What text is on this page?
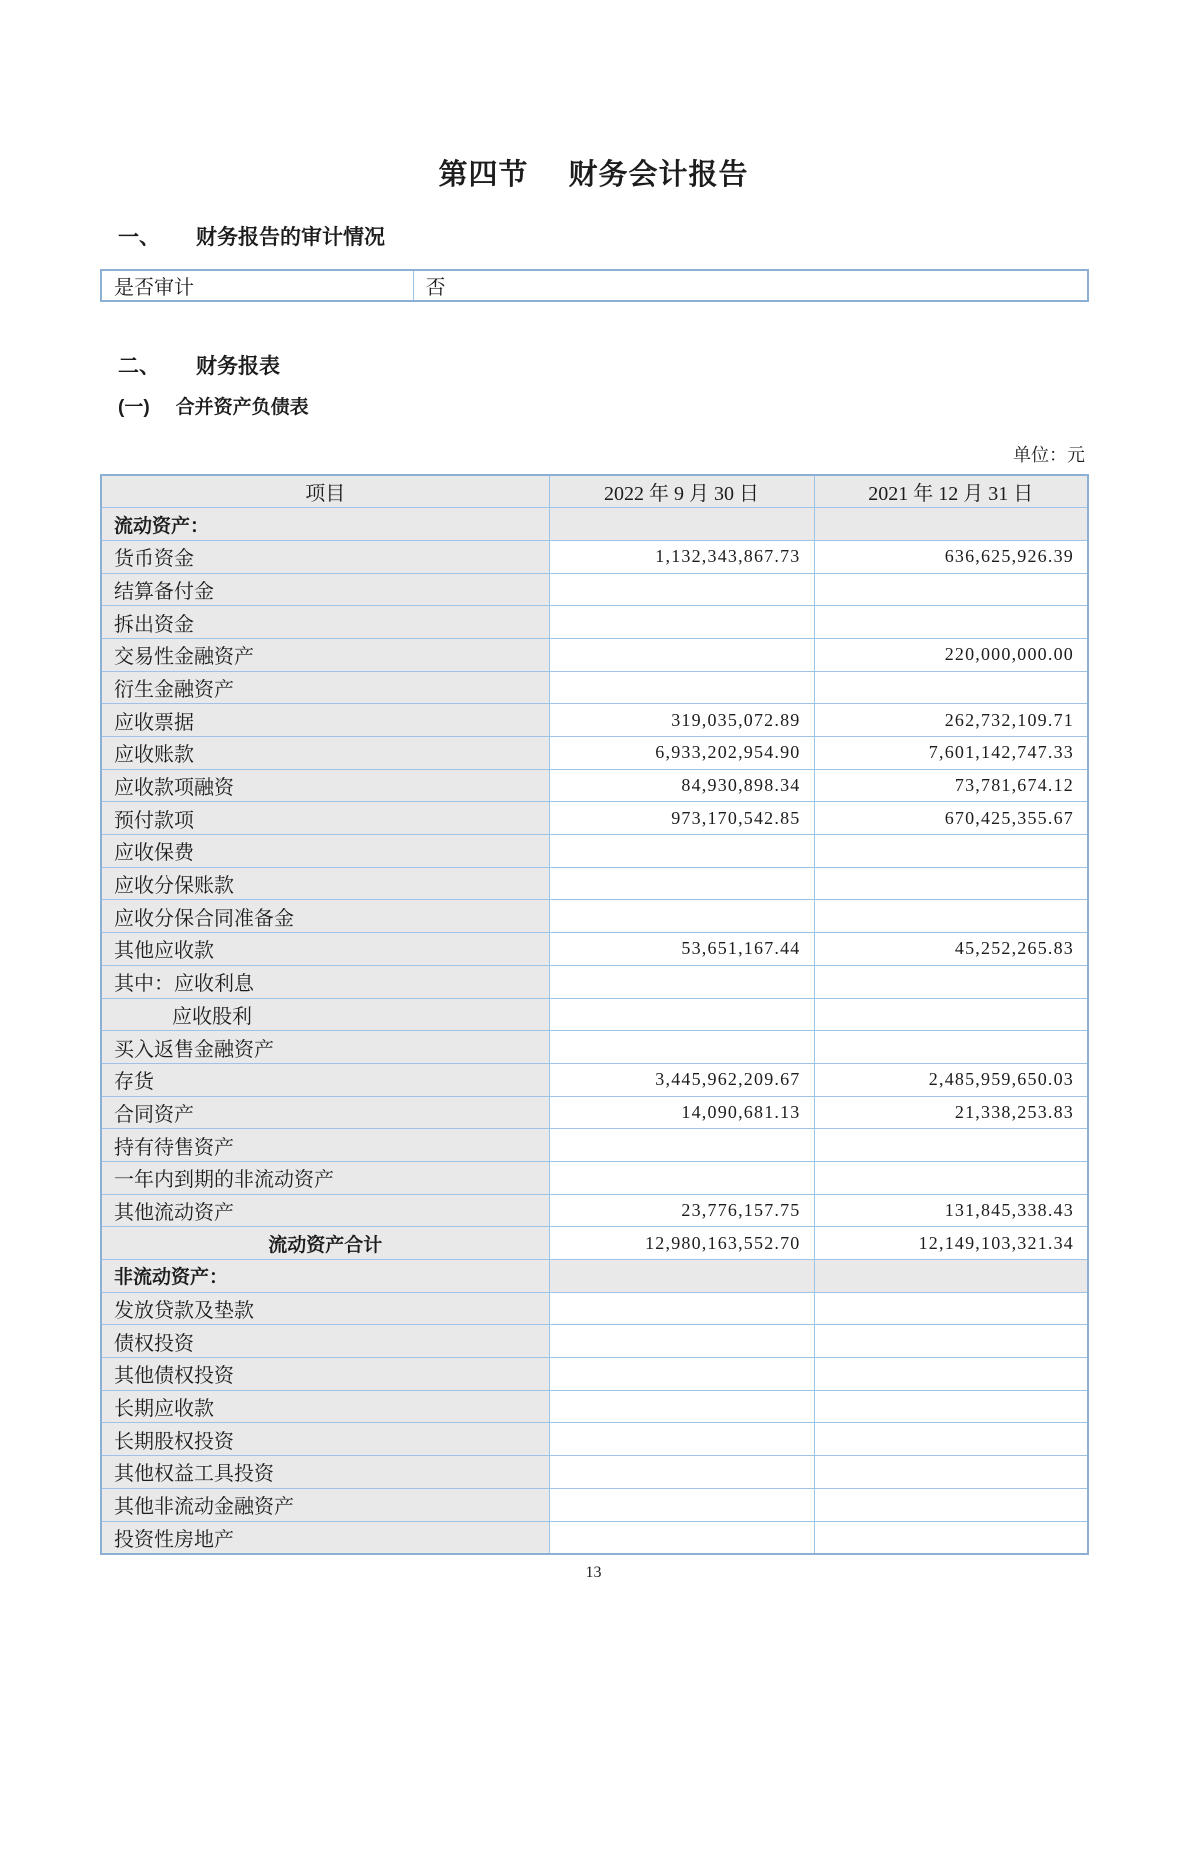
第四节 财务会计报告
一、 财务报告的审计情况
是否审计	否
二、 财务报表
(一) 合并资产负债表
单位：元
项目	2022 年 9 月 30 日	2021 年 12 月 31 日
流动资产：		
货币资金	1,132,343,867.73	636,625,926.39
结算备付金		
拆出资金		
交易性金融资产		220,000,000.00
衍生金融资产		
应收票据	319,035,072.89	262,732,109.71
应收账款	6,933,202,954.90	7,601,142,747.33
应收款项融资	84,930,898.34	73,781,674.12
预付款项	973,170,542.85	670,425,355.67
应收保费		
应收分保账款		
应收分保合同准备金		
其他应收款	53,651,167.44	45,252,265.83
其中：应收利息		
应收股利		
买入返售金融资产		
存货	3,445,962,209.67	2,485,959,650.03
合同资产	14,090,681.13	21,338,253.83
持有待售资产		
一年内到期的非流动资产		
其他流动资产	23,776,157.75	131,845,338.43
流动资产合计	12,980,163,552.70	12,149,103,321.34
非流动资产：		
发放贷款及垫款		
债权投资		
其他债权投资		
长期应收款		
长期股权投资		
其他权益工具投资		
其他非流动金融资产		
投资性房地产		
13
